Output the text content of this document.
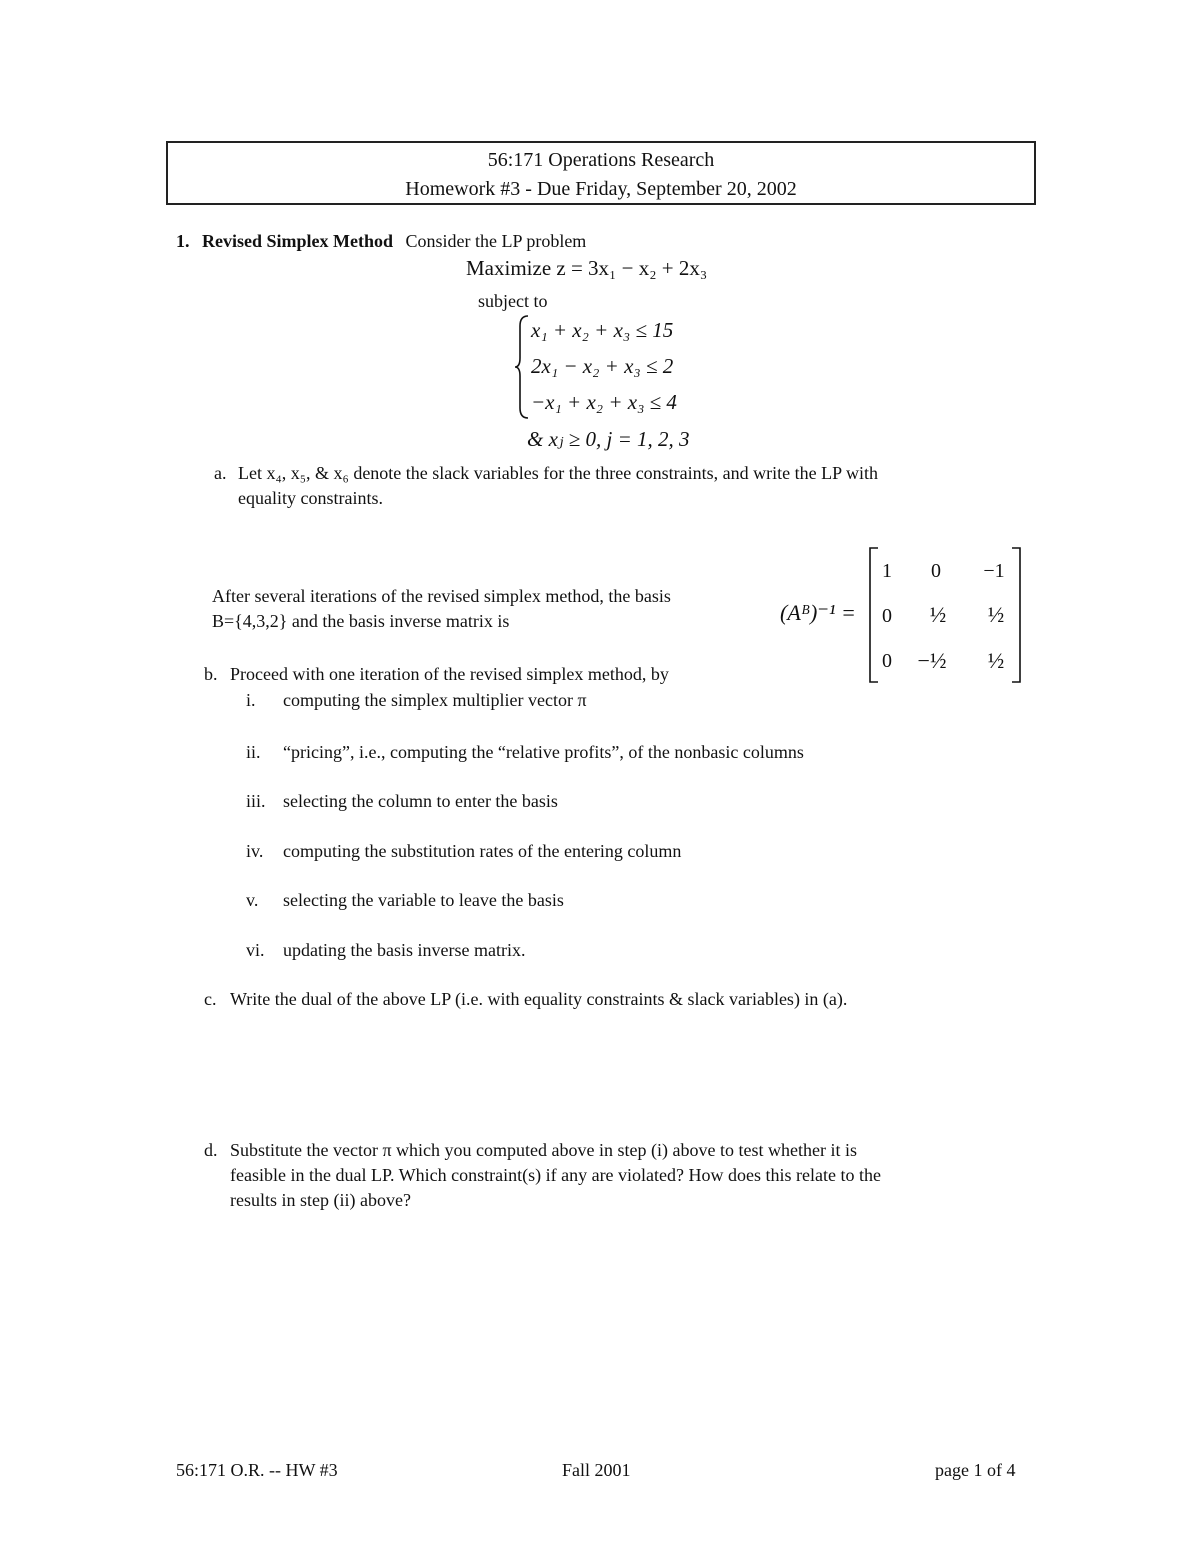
56:171 Operations Research
Homework #3 - Due Friday, September 20, 2002
1. Revised Simplex Method Consider the LP problem
Maximize z = 3x₁ − x₂ + 2x₃
subject to
x₁ + x₂ + x₃ ≤ 15
2x₁ − x₂ + x₃ ≤ 2
−x₁ + x₂ + x₃ ≤ 4
& xⱼ ≥ 0, j = 1, 2, 3
a. Let x₄, x₅, & x₆ denote the slack variables for the three constraints, and write the LP with
equality constraints.
After several iterations of the revised simplex method, the basis
B={4,3,2} and the basis inverse matrix is	(Aᴮ)⁻¹ =
1	0	−1
0	½	½
0	−½	½
b. Proceed with one iteration of the revised simplex method, by
i. computing the simplex multiplier vector π
ii. “pricing”, i.e., computing the “relative profits”, of the nonbasic columns
iii. selecting the column to enter the basis
iv. computing the substitution rates of the entering column
v. selecting the variable to leave the basis
vi. updating the basis inverse matrix.
c. Write the dual of the above LP (i.e. with equality constraints & slack variables) in (a).
d. Substitute the vector π which you computed above in step (i) above to test whether it is
feasible in the dual LP. Which constraint(s) if any are violated? How does this relate to the
results in step (ii) above?
56:171 O.R. -- HW #3	Fall 2001	page 1 of 4
